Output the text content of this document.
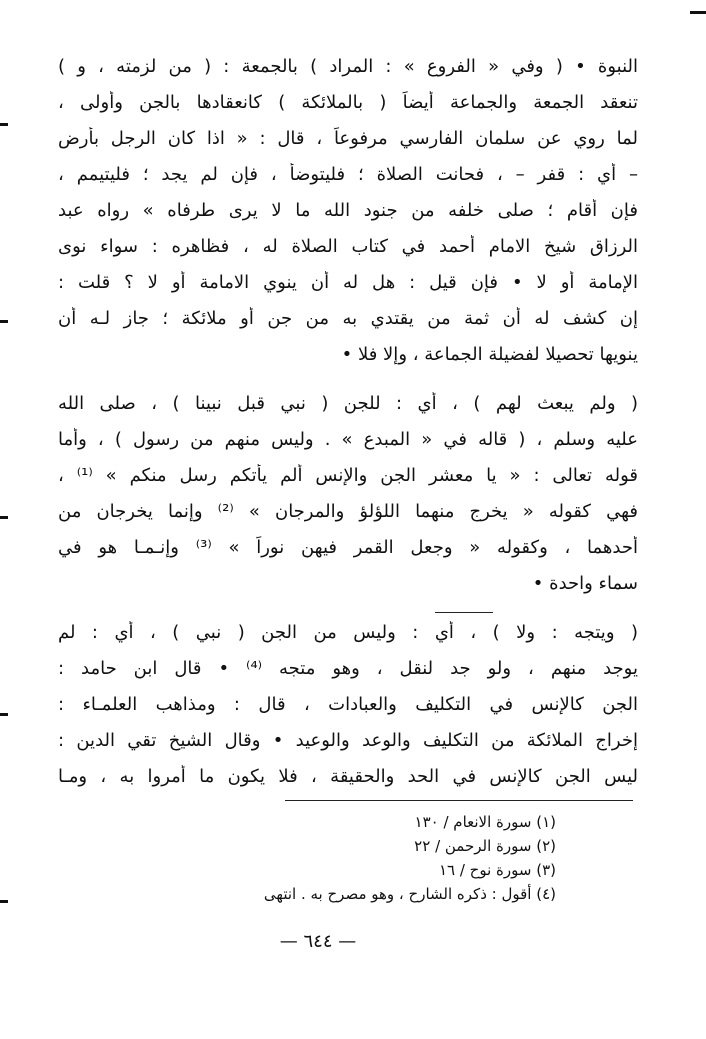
النبوة • ( وفي « الفروع » : المراد ) بالجمعة : ( من لزمته ، و )
تنعقد الجمعة والجماعة أيضاً ( بالملائكة ) كانعقادها بالجن وأولى ،
لما روي عن سلمان الفارسي مرفوعاً ، قال : « اذا كان الرجل بأرض
– أي : قفر – ، فحانت الصلاة ؛ فليتوضأ ، فإن لم يجد ؛ فليتيمم ،
فإن أقام ؛ صلى خلفه من جنود الله ما لا يرى طرفاه » رواه عبد
الرزاق شيخ الامام أحمد في كتاب الصلاة له ، فظاهره : سواء نوى
الإمامة أو لا • فإن قيل : هل له أن ينوي الامامة أو لا ؟ قلت :
إن كشف له أن ثمة من يقتدي به من جن أو ملائكة ؛ جاز لـه أن
ينويها تحصيلا لفضيلة الجماعة ، وإلا فلا •
( ولم يبعث لهم ) ، أي : للجن ( نبي قبل نبينا ) ، صلى الله
عليه وسلم ، ( قاله في « المبدع » . وليس منهم من رسول ) ، وأما
قوله تعالى : « يا معشر الجن والإنس ألم يأتكم رسل منكم » ⁽¹⁾ ،
فهي كقوله « يخرج منهما اللؤلؤ والمرجان » ⁽²⁾ وإنما يخرجان من
أحدهما ، وكقوله « وجعل القمر فيهن نوراً » ⁽³⁾ وإنـمـا هو في
سماء واحدة •
( ويتجه : ولا ) ، أي : وليس من الجن ( نبي ) ، أي : لم
يوجد منهم ، ولو جد لنقل ، وهو متجه ⁽⁴⁾ • قال ابن حامد :
الجن كالإنس في التكليف والعبادات ، قال : ومذاهب العلمـاء :
إخراج الملائكة من التكليف والوعد والوعيد • وقال الشيخ تقي الدين :
ليس الجن كالإنس في الحد والحقيقة ، فلا يكون ما أمروا به ، ومـا
(١) سورة الانعام / ١٣٠
(٢) سورة الرحمن / ٢٢
(٣) سورة نوح / ١٦
(٤) أقول : ذكره الشارح ، وهو مصرح به . انتهى
— ٦٤٤ —
